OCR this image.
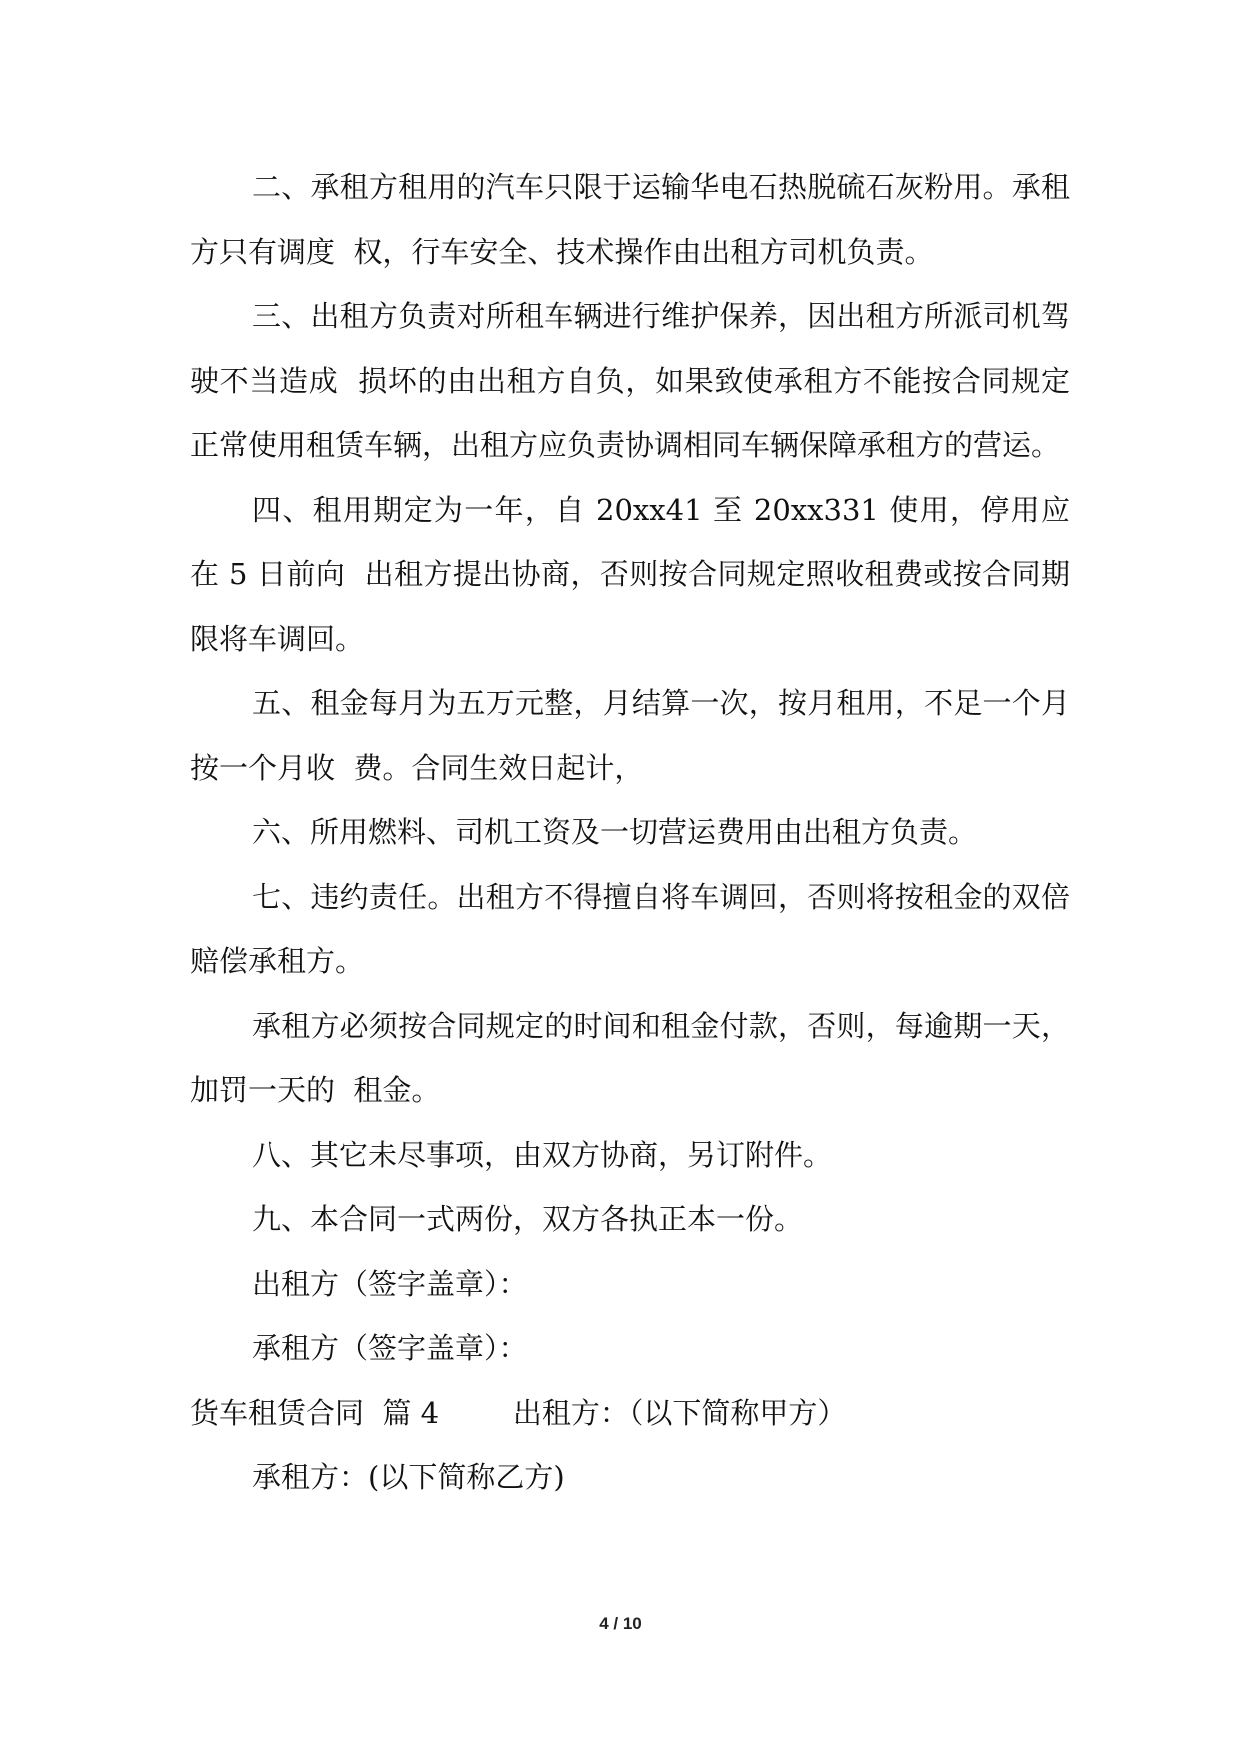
二、承租方租用的汽车只限于运输华电石热脱硫石灰粉用。承租方只有调度  权，行车安全、技术操作由出租方司机负责。

三、出租方负责对所租车辆进行维护保养，因出租方所派司机驾驶不当造成  损坏的由出租方自负，如果致使承租方不能按合同规定正常使用租赁车辆，出租方应负责协调相同车辆保障承租方的营运。

四、租用期定为一年，自 20xx41 至 20xx331 使用，停用应在 5 日前向  出租方提出协商，否则按合同规定照收租费或按合同期限将车调回。

五、租金每月为五万元整，月结算一次，按月租用，不足一个月按一个月收  费。合同生效日起计，

六、所用燃料、司机工资及一切营运费用由出租方负责。

七、违约责任。出租方不得擅自将车调回，否则将按租金的双倍赔偿承租方。

承租方必须按合同规定的时间和租金付款，否则，每逾期一天，加罚一天的  租金。

八、其它未尽事项，由双方协商，另订附件。

九、本合同一式两份，双方各执正本一份。

出租方（签字盖章）：

承租方（签字盖章）：

货车租赁合同  篇 4        出租方：（以下简称甲方）

承租方：(以下简称乙方)

4 / 10
